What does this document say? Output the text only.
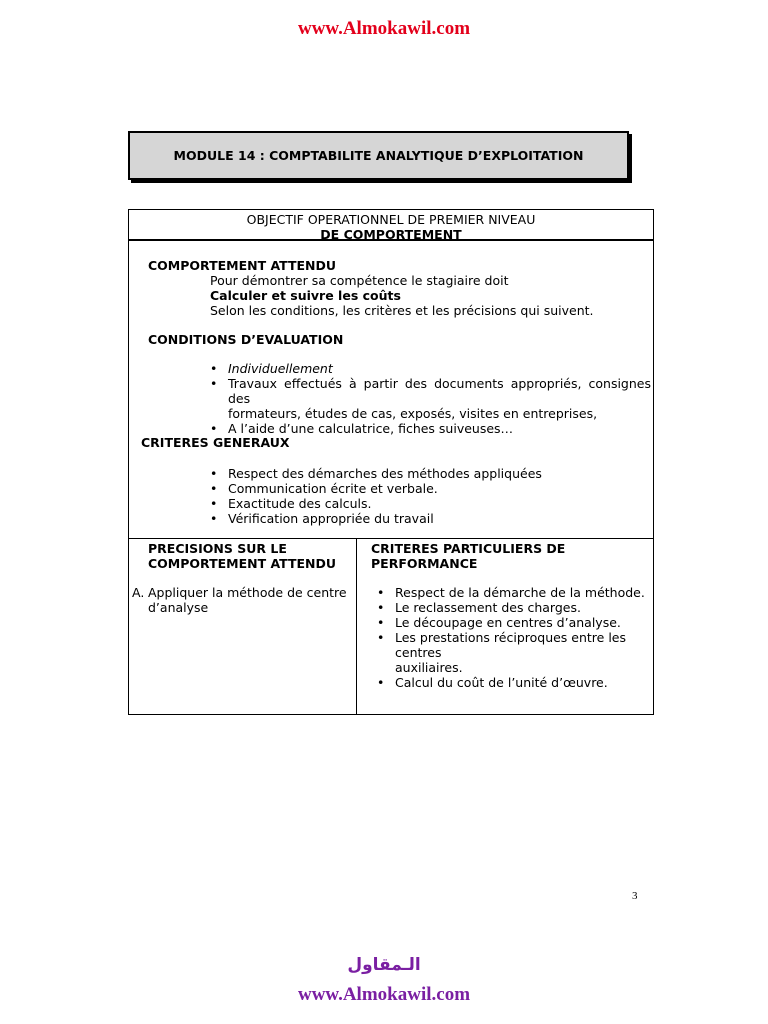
www.Almokawil.com
MODULE 14 : COMPTABILITE ANALYTIQUE D’EXPLOITATION
OBJECTIF OPERATIONNEL DE PREMIER NIVEAU
DE COMPORTEMENT
COMPORTEMENT ATTENDU
Pour démontrer sa compétence le stagiaire doit
Calculer et suivre les coûts
Selon les conditions, les critères et les précisions qui suivent.
CONDITIONS D’EVALUATION
• Individuellement
• Travaux effectués à partir des documents appropriés, consignes des
formateurs, études de cas, exposés, visites en entreprises,
• A l’aide d’une calculatrice, fiches suiveuses…
CRITERES GENERAUX
• Respect des démarches des méthodes appliquées
• Communication écrite et verbale.
• Exactitude des calculs.
• Vérification appropriée du travail
PRECISIONS SUR LE
COMPORTEMENT ATTENDU
A. Appliquer la méthode de centre
d’analyse
CRITERES PARTICULIERS DE
PERFORMANCE
• Respect de la démarche de la méthode.
• Le reclassement des charges.
• Le découpage en centres d’analyse.
• Les prestations réciproques entre les centres
auxiliaires.
• Calcul du coût de l’unité d’œuvre.
3
الـمقاول
www.Almokawil.com
